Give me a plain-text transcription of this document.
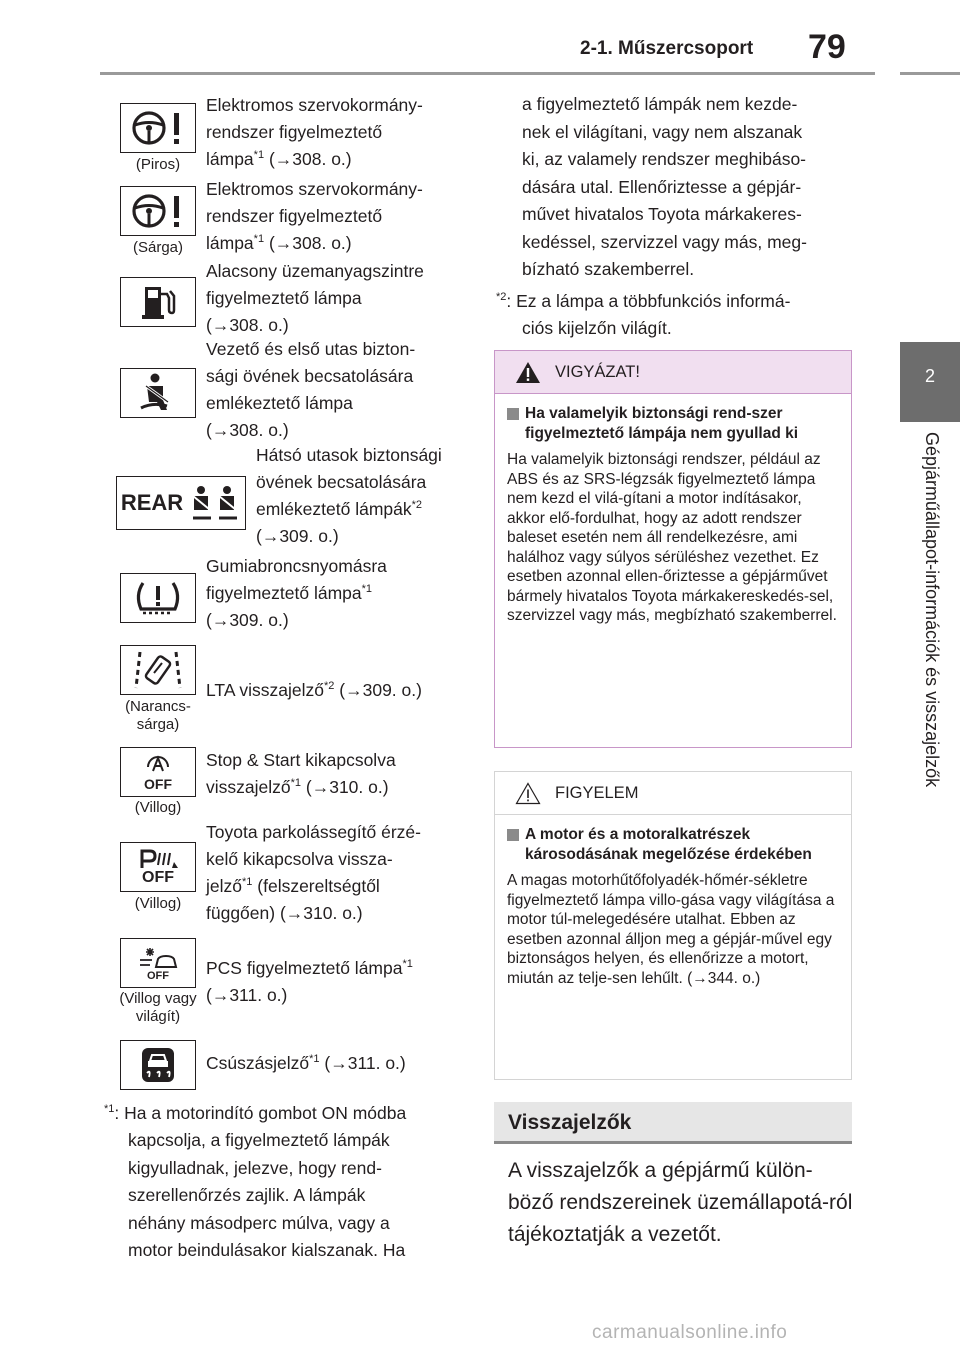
2-1. Műszercsoport 79
2
Gépjárműállapot-információk és visszajelzők
(Piros)
Elektromos szervokormány-
rendszer figyelmeztető
lámpa$^{*1}$ (→308. o.)
(Sárga)
Elektromos szervokormány-
rendszer figyelmeztető
lámpa$^{*1}$ (→308. o.)
Alacsony üzemanyagszintre
figyelmeztető lámpa
(→308. o.)
Vezető és első utas bizton-
sági övének becsatolására
emlékeztető lámpa
(→308. o.)
REAR
Hátsó utasok biztonsági
övének becsatolására
emlékeztető lámpák$^{*2}$
(→309. o.)
Gumiabroncsnyomásra
figyelmeztető lámpa$^{*1}$
(→309. o.)
(Narancs-
sárga)
LTA visszajelző$^{*2}$ (→309. o.)
OFF
(Villog)
Stop & Start kikapcsolva
visszajelző$^{*1}$ (→310. o.)
OFF
(Villog)
Toyota parkolássegítő érzé-
kelő kikapcsolva vissza-
jelző$^{*1}$ (felszereltségtől
függően) (→310. o.)
OFF
(Villog vagy
világít)
PCS figyelmeztető lámpa$^{*1}$
(→311. o.)
Csúszásjelző$^{*1}$ (→311. o.)
$^{*1}$: Ha a motorindító gombot ON módba
kapcsolja, a figyelmeztető lámpák
kigyulladnak, jelezve, hogy rend-
szerellenőrzés zajlik. A lámpák
néhány másodperc múlva, vagy a
motor beindulásakor kialszanak. Ha
a figyelmeztető lámpák nem kezde-
nek el világítani, vagy nem alszanak
ki, az valamely rendszer meghibáso-
dására utal. Ellenőriztesse a gépjár-
művet hivatalos Toyota márkakeres-
kedéssel, szervizzel vagy más, meg-
bízható szakemberrel.
$^{*2}$: Ez a lámpa a többfunkciós informá-
ciós kijelzőn világít.
VIGYÁZAT!
Ha valamelyik biztonsági rend-szer figyelmeztető lámpája nem gyullad ki
Ha valamelyik biztonsági rendszer, például az ABS és az SRS-légzsák figyelmeztető lámpa nem kezd el vilá-gítani a motor indításakor, akkor elő-fordulhat, hogy az adott rendszer baleset esetén nem áll rendelkezésre, ami halálhoz vagy súlyos sérüléshez vezethet. Ez esetben azonnal ellen-őriztesse a gépjárművet bármely hivatalos Toyota márkakereskedés-sel, szervizzel vagy más, megbízható szakemberrel.
FIGYELEM
A motor és a motoralkatrészek károsodásának megelőzése érdekében
A magas motorhűtőfolyadék-hőmér-sékletre figyelmeztető lámpa villo-gása vagy világítása a motor túl-melegedésére utalhat. Ebben az esetben azonnal álljon meg a gépjár-művel egy biztonságos helyen, és ellenőrizze a motort, miután az telje-sen lehűlt. (→344. o.)
Visszajelzők
A visszajelzők a gépjármű külön-böző rendszereinek üzemállapotá-ról tájékoztatják a vezetőt.
carmanualsonline.info
